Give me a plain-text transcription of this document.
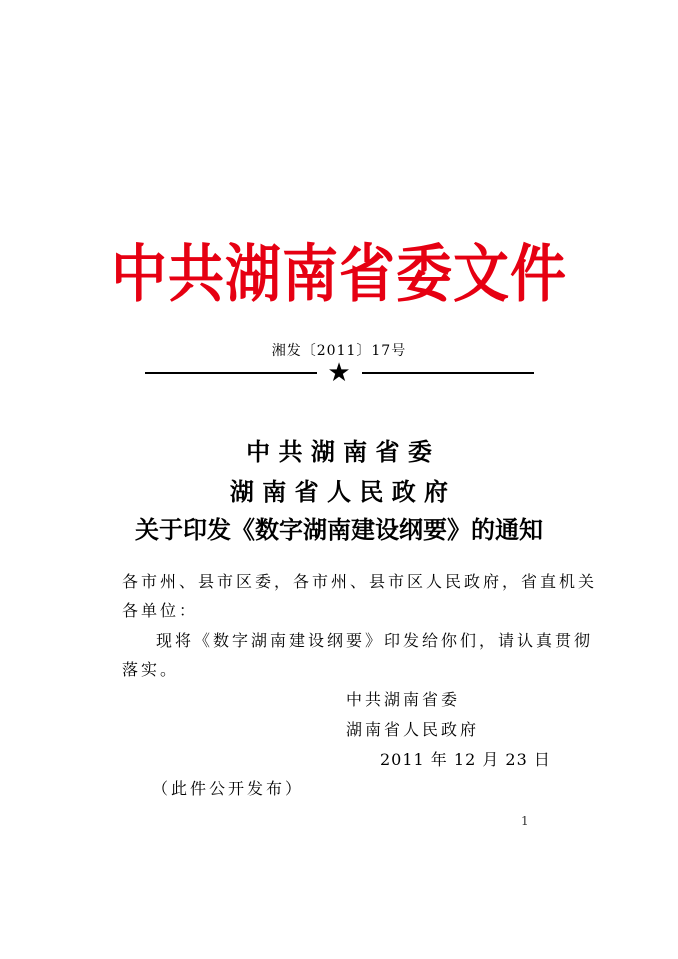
中共湖南省委文件
湘发〔2011〕17号
★
中 共 湖 南 省 委
湖 南 省 人 民 政 府
关于印发《数字湖南建设纲要》的通知
各市州、县市区委，各市州、县市区人民政府，省直机关
各单位：
现将《数字湖南建设纲要》印发给你们，请认真贯彻
落实。
中共湖南省委
湖南省人民政府
2011 年 12 月 23 日
（此件公开发布）
1
